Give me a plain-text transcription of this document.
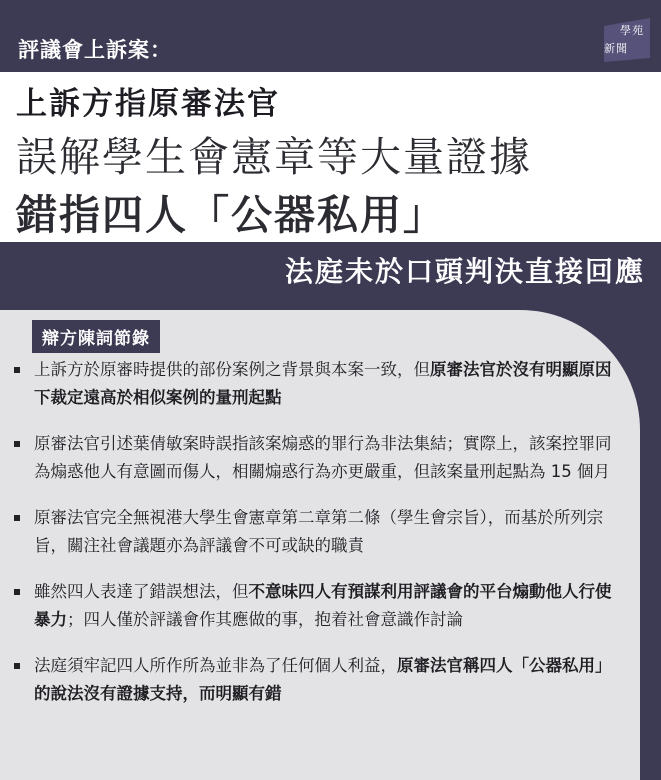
評議會上訴案：
學苑
新聞
上訴方指原審法官
誤解學生會憲章等大量證據
錯指四人「公器私用」
法庭未於口頭判決直接回應
辯方陳詞節錄
上訴方於原審時提供的部份案例之背景與本案一致，但原審法官於沒有明顯原因下裁定遠高於相似案例的量刑起點
原審法官引述葉倩敏案時誤指該案煽惑的罪行為非法集結；實際上，該案控罪同為煽惑他人有意圖而傷人，相關煽惑行為亦更嚴重，但該案量刑起點為 15 個月
原審法官完全無視港大學生會憲章第二章第二條（學生會宗旨），而基於所列宗旨，關注社會議題亦為評議會不可或缺的職責
雖然四人表達了錯誤想法，但不意味四人有預謀利用評議會的平台煽動他人行使暴力；四人僅於評議會作其應做的事，抱着社會意識作討論
法庭須牢記四人所作所為並非為了任何個人利益，原審法官稱四人「公器私用」的說法沒有證據支持，而明顯有錯
